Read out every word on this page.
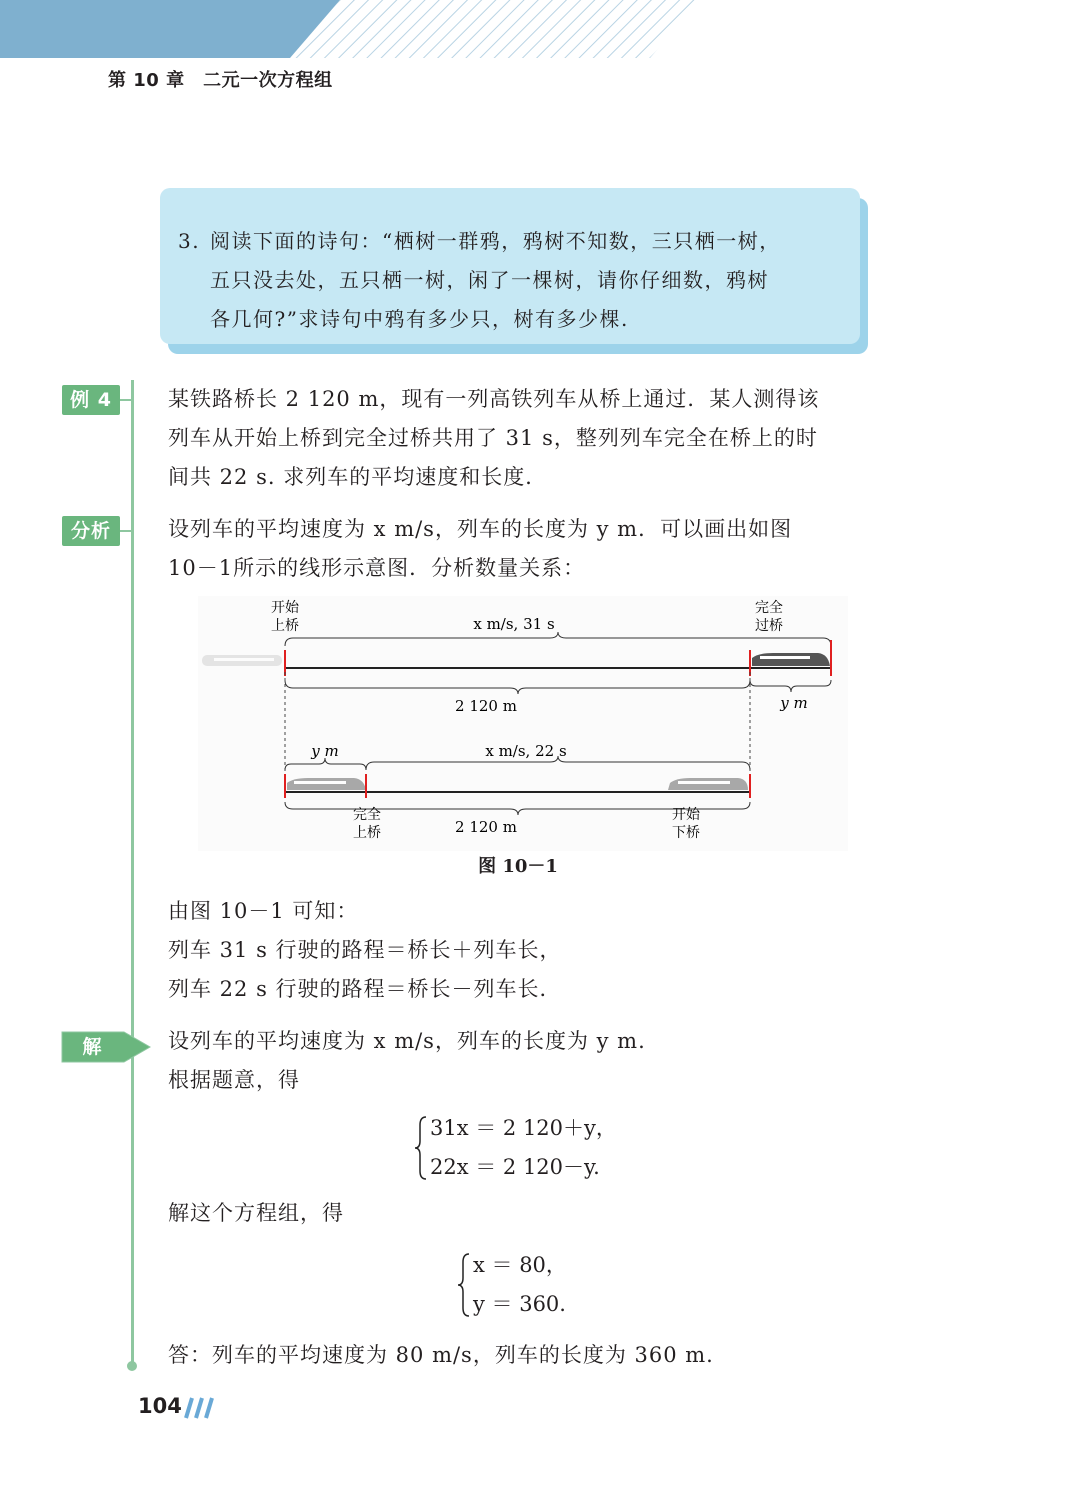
第 10 章　二元一次方程组
3. 阅读下面的诗句：“栖树一群鸦，鸦树不知数，三只栖一树，
五只没去处，五只栖一树，闲了一棵树，请你仔细数，鸦树
各几何?”求诗句中鸦有多少只，树有多少棵.
例 4	某铁路桥长 2 120 m，现有一列高铁列车从桥上通过．某人测得该
列车从开始上桥到完全过桥共用了 31 s，整列列车完全在桥上的时
间共 22 s. 求列车的平均速度和长度．
分析	设列车的平均速度为 x m/s，列车的长度为 y m．可以画出如图
10－1所示的线形示意图．分析数量关系：
开始
上桥
完全
过桥
x m/s, 31 s
2 120 m	y m
y m	x m/s, 22 s
完全
上桥	2 120 m
开始
下桥
图 10－1
由图 10－1 可知：
列车 31 s 行驶的路程＝桥长＋列车长，
列车 22 s 行驶的路程＝桥长－列车长．
解	设列车的平均速度为 x m/s，列车的长度为 y m.
根据题意，得
31x ＝ 2 120＋y，
22x ＝ 2 120－y.
解这个方程组，得
x ＝ 80，
y ＝ 360.
答：列车的平均速度为 80 m/s，列车的长度为 360 m.
104
